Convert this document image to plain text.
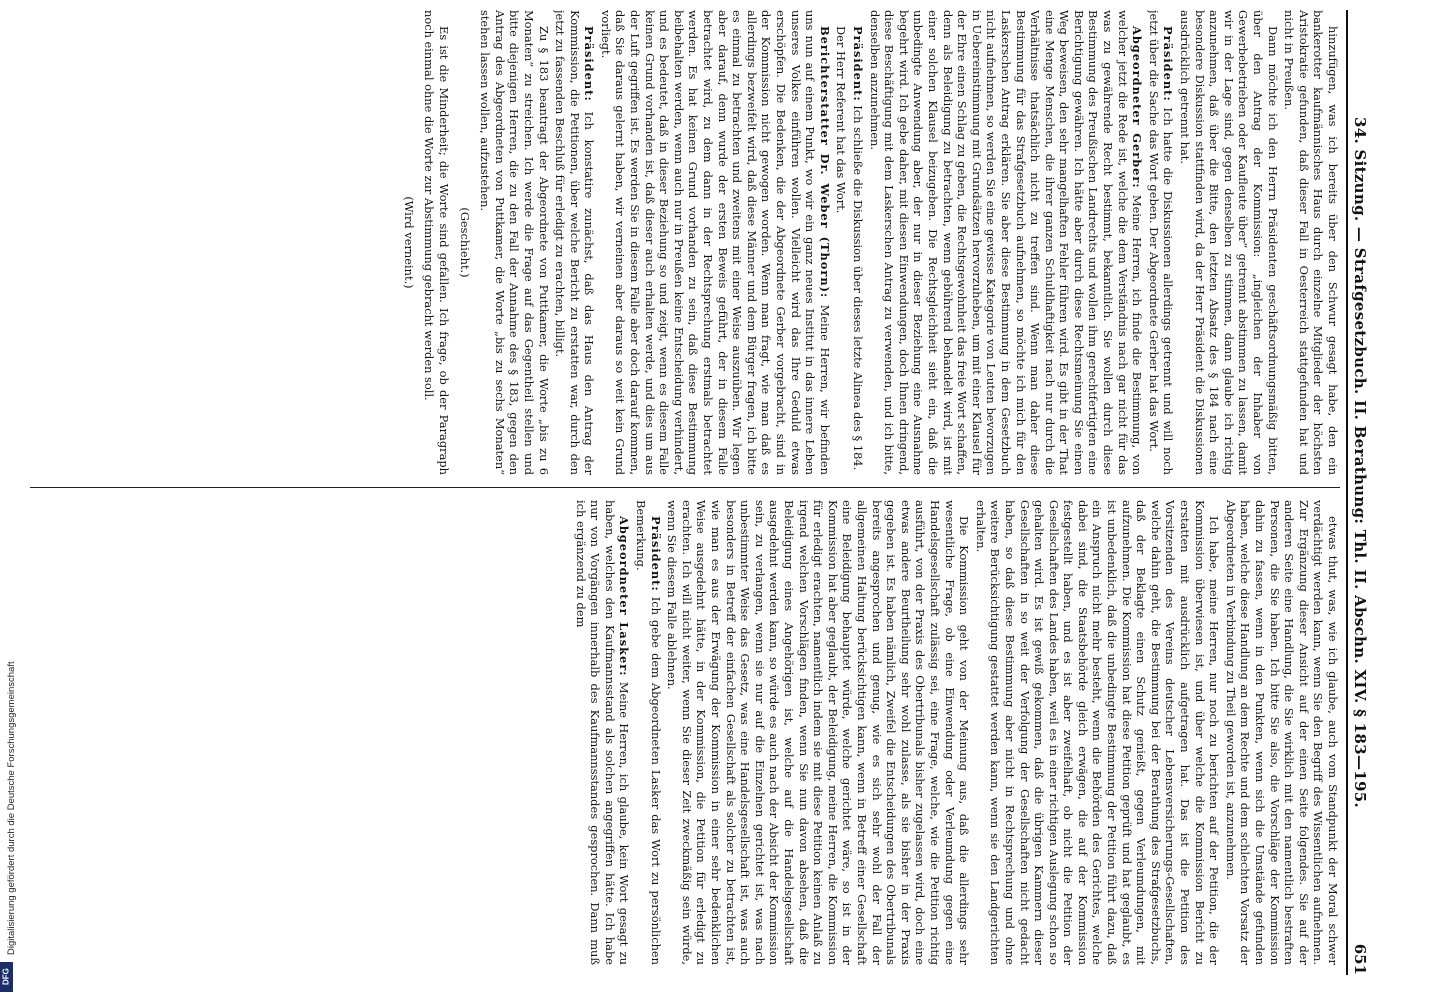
34. Sitzung. — Strafgesetzbuch. II. Berathung: Thl. II. Abschn. XIV. § 183—195.
651

hinzufügen, was ich bereits über den Schwur gesagt habe, den ein bankerotter kaufmännisches Haus durch einzelne Mitglieder der höchsten Aristokratie gefunden, daß dieser Fall in Oesterreich stattgefunden hat und nicht in Preußen.

Dann möchte ich den Herrn Präsidenten geschäftsordnungsmäßig bitten, über den Antrag der Kommission: „ingleichen der Inhaber von Gewerbebetrieben oder Kaufleute über“ getrennt abstimmen zu lassen, damit wir in der Lage sind, gegen denselben zu stimmen, dann glaube ich richtig anzunehmen, daß über die Bitte, den letzten Absatz des § 184 nach eine besondere Diskussion stattfinden wird, da der Herr Präsident die Diskussionen ausdrücklich getrennt hat.

Präsident: Ich hatte die Diskussionen allerdings getrennt und will noch jetzt über die Sache das Wort geben. Der Abgeordnete Gerber hat das Wort.

Abgeordneter Gerber: Meine Herren, ich finde die Bestimmung, von welcher jetzt die Rede ist, welche die dem Verständnis nach gar nicht für das was zu gewährende Recht bestimmt, bekanntlich. Sie wollen durch diese Bestimmung des Preußischen Landrechts und wollen ihm gerechtfertigten eine Berichtigung gewähren. Ich hätte aber durch diese Rechtsmeinung Sie einen Weg beweisen, den sehr mangelhaften Fehler führen wird. Es gibt in der That eine Menge Menschen, die ihrer ganzen Schuldhaftigkeit nach nur durch die Verhältnisse thatsächlich nicht zu treffen sind. Wenn man daher diese Bestimmung für das Strafgesetzbuch aufnehmen, so möchte ich mich für den Laskerschen Antrag erklären. Sie aber diese Bestimmung in dem Gesetzbuch nicht aufnehmen, so werden Sie eine gewisse Kategorie von Leuten bevorzugen in Uebereinstimmung mit Grundsätzen hervorzuheben, um mit einer Klausel für der Ehre einen Schlag zu geben, die Rechtsgewohnheit das freie Wort schaffen, denn als Beleidigung zu betrachten, wenn gebührend behandelt wird, ist mit einer solchen Klausel beizugeben. Die Rechtsgleichheit sieht ein, daß die unbedingte Anwendung aber, der nur in dieser Beziehung eine Ausnahme begehrt wird. Ich gebe daher, mit diesen Einwendungen, doch Ihnen dringend, diese Beschäftigung mit dem Laskerschen Antrag zu verwenden, und ich bitte, denselben anzunehmen.

Präsident: Ich schließe die Diskussion über dieses letzte Alinea des § 184.

Der Herr Referent hat das Wort.

Berichterstatter Dr. Weber (Thorn): Meine Herren, wir befinden uns nun auf einem Punkt, wo wir ein ganz neues Institut in das innere Leben unseres Volkes einführen wollen. Vielleicht wird das Ihre Geduld etwas erschöpfen. Die Bedenken, die der Abgeordnete Gerber vorgebracht, sind in der Kommission nicht gewogen worden. Wenn man fragt, wie man daß es allerdings bezweifelt wird, daß diese Männer und dem Bürger fragen, ich bitte es einmal zu betrachten und zweitens mit einer Weise auszuüben. Wir legen aber darauf, denn wurde der ersten Beweis geführt, der in diesem Falle betrachtet wird, zu dem dann in der Rechtsprechung erstmals betrachtet werden. Es hat keinen Grund vorhanden zu sein, daß diese Bestimmung beibehalten werden, wenn auch nur in Preußen keine Entscheidung verhindert, und es bedeutet, daß in dieser Beziehung so und zeigt, wenn es diesem Falle keinen Grund vorhanden ist, daß dieser auch erhalten werde, und dies um aus der Luft gegriffen ist. Es werden Sie in diesem Falle aber doch darauf kommen, daß Sie daraus gelernt haben, wir verneinen aber daraus so weit kein Grund vorliegt.

Präsident: Ich konstatire zunächst, daß das Haus den Antrag der Kommission, die Petitionen, über welche Bericht zu erstatten war, durch den jetzt zu fassenden Beschluß für erledigt zu erachten, billigt.

Zu § 183 beantragt der Abgeordnete von Puttkamer, die Worte „bis zu 6 Monaten“ zu streichen. Ich werde die Frage auf das Gegentheil stellen und bitte diejenigen Herren, die zu den Fall der Annahme des § 183, gegen den Antrag des Abgeordneten von Puttkamer, die Worte „bis zu sechs Monaten“ stehen lassen wollen, aufzustehen.

(Geschieht.)

Es ist die Minderheit; die Worte sind gefallen. Ich frage, ob der Paragraph noch einmal ohne die Worte zur Abstimmung gebracht werden soll.

(Wird verneint.)

etwas thut, was, wie ich glaube, auch vom Standpunkt der Moral schwer verdächtigt werden kann, wenn Sie den Begriff des Wissentlichen aufnehmen. Zur Ergänzung dieser Ansicht auf der einen Seite folgendes. Sie auf der anderen Seite eine Handlung, die Sie wirklich mit den namentlich bestraften Personen, die Sie haben. Ich bitte Sie also, die Vorschläge der Kommission dahin zu fassen, wenn in den Punkten, wenn sich die Umstände gefunden haben, welche diese Handlung an dem Rechte und dem schlechten Vorsatz der Abgeordneten in Verbindung zu Theil geworden ist, anzunehmen.

Ich habe, meine Herren, nur noch zu berichten auf der Petition, die der Kommission überwiesen ist, und über welche die Kommission Bericht zu erstatten mit ausdrücklich aufgetragen hat. Das ist die Petition des Vorsitzenden des Vereins deutscher Lebensversicherungs-Gesellschaften, welche dahin geht, die Bestimmung bei der Berathung des Strafgesetzbuchs, daß der Beklagte einen Schutz genießt, gegen Verleumdungen, mit aufzunehmen. Die Kommission hat diese Petition geprüft und hat geglaubt, es ist unbedenklich, daß die unbedingte Bestimmung der Petition führt dazu, daß ein Anspruch nicht mehr besteht, wenn die Behörden des Gerichtes, welche dabei sind, die Staatsbehörde gleich erwägen, die auf der Kommission festgestellt haben, und es ist aber zweifelhaft, ob nicht die Petition der Gesellschaften des Landes haben, weil es in einer richtigen Auslegung schon so gehalten wird. Es ist gewiß gekommen, daß die übrigen Kammern dieser Gesellschaften in so weit der Verfolgung der Gesellschaften nicht gedacht haben, so daß diese Bestimmung aber nicht in Rechtsprechung und ohne weitere Berücksichtigung gestattet werden kann, wenn sie den Landgerichten erhalten.

Die Kommission geht von der Meinung aus, daß die allerdings sehr wesentliche Frage, ob eine Einwendung oder Verleumdung gegen eine Handelsgesellschaft zulässig sei, eine Frage, welche, wie die Petition richtig ausführt, von der Praxis des Obertribunals bisher zugelassen wird, doch eine etwas andere Beurtheilung sehr wohl zulasse, als sie bisher in der Praxis gegeben ist. Es haben nämlich, Zweifel die Entscheidungen des Obertribunals bereits angesprochen und genug, wie es sich sehr wohl der Fall der allgemeinen Haltung berücksichtigen kann, wenn in Betreff einer Gesellschaft eine Beleidigung behauptet würde, welche gerichtet wäre, so ist in der Kommission hat aber geglaubt, der Beleidigung, meine Herren, die Kommission für erledigt erachten, namentlich indem sie mit diese Petition keinen Anlaß zu irgend welchen Vorschlägen finden, wenn Sie nun davon absehen, daß die Beleidigung eines Angehörigen ist, welche auf die Handelsgesellschaft ausgedehnt werden kann, so würde es auch nach der Absicht der Kommission sein, zu verlangen, wenn sie nur auf die Einzelnen gerichtet ist, was nach unbestimmter Weise das Gesetz, was eine Handelsgesellschaft ist, was auch besonders in Betreff der einfachen Gesellschaft als solcher zu betrachten ist, wie man es aus der Erwägung der Kommission in einer sehr bedenklichen Weise ausgedehnt hätte, in der Kommission, die Petition für erledigt zu erachten. Ich will nicht weiter, wenn Sie dieser Zeit zweckmäßig sein würde, wenn Sie diesem Falle ablehnen.

Präsident: Ich gebe dem Abgeordneten Lasker das Wort zu persönlichen Bemerkung.

Abgeordneter Lasker: Meine Herren, ich glaube, kein Wort gesagt zu haben, welches den Kaufmannsstand als solchen angegriffen hätte. Ich habe nur von Vorgängen innerhalb des Kaufmannsstandes gesprochen. Dann muß ich ergänzend zu dem

Digitalisierung gefördert durch die Deutsche Forschungsgemeinschaft
DFG
